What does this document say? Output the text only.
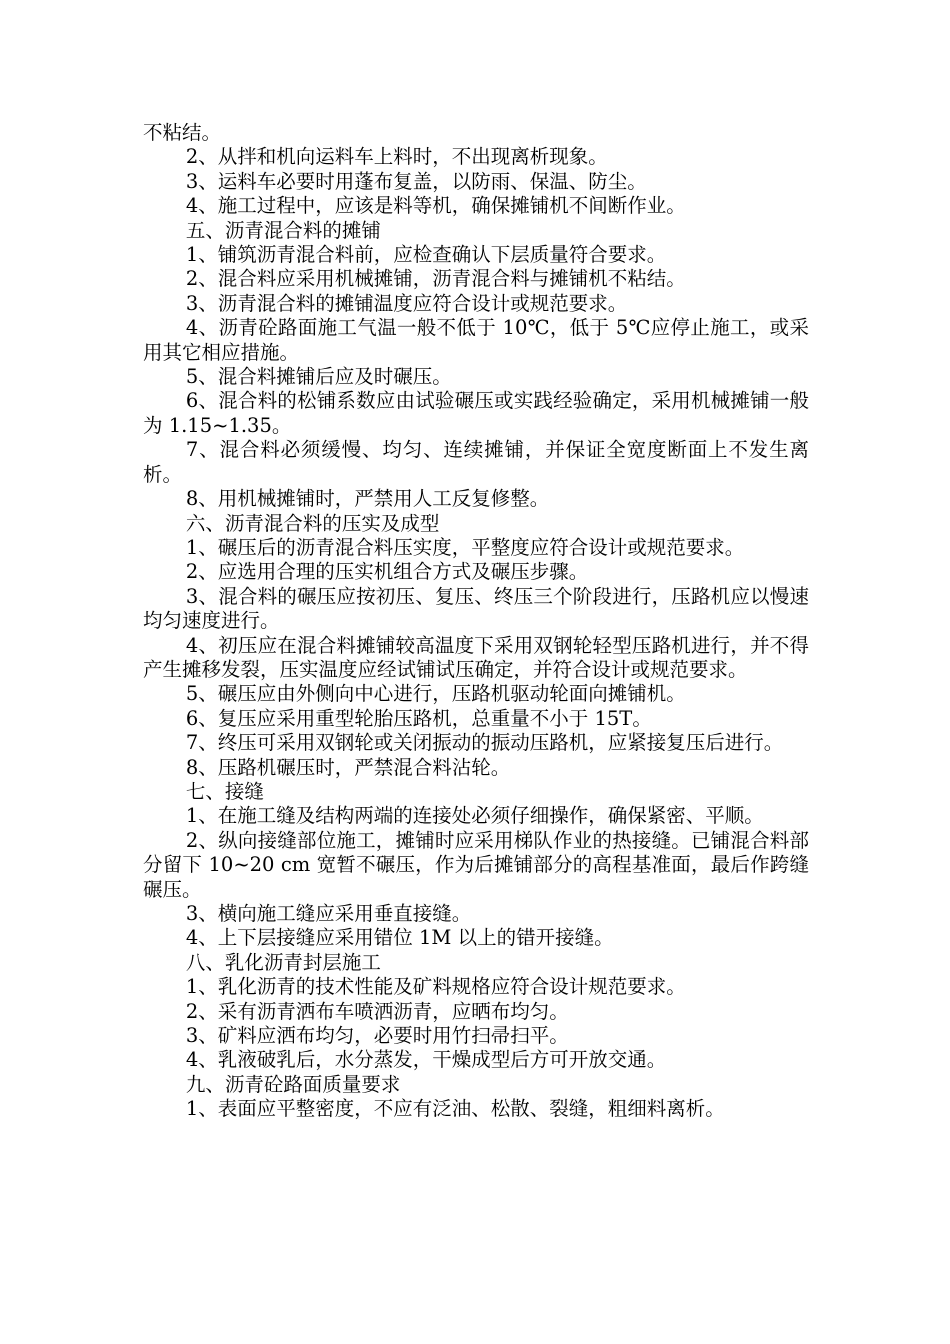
不粘结。

2、从拌和机向运料车上料时，不出现离析现象。

3、运料车必要时用蓬布复盖，以防雨、保温、防尘。

4、施工过程中，应该是料等机，确保摊铺机不间断作业。

五、沥青混合料的摊铺

1、铺筑沥青混合料前，应检查确认下层质量符合要求。

2、混合料应采用机械摊铺，沥青混合料与摊铺机不粘结。

3、沥青混合料的摊铺温度应符合设计或规范要求。

4、沥青砼路面施工气温一般不低于 10℃，低于 5℃应停止施工，或采用其它相应措施。

5、混合料摊铺后应及时碾压。

6、混合料的松铺系数应由试验碾压或实践经验确定，采用机械摊铺一般为 1.15~1.35。

7、混合料必须缓慢、均匀、连续摊铺，并保证全宽度断面上不发生离析。

8、用机械摊铺时，严禁用人工反复修整。

六、沥青混合料的压实及成型

1、碾压后的沥青混合料压实度，平整度应符合设计或规范要求。

2、应选用合理的压实机组合方式及碾压步骤。

3、混合料的碾压应按初压、复压、终压三个阶段进行，压路机应以慢速均匀速度进行。

4、初压应在混合料摊铺较高温度下采用双钢轮轻型压路机进行，并不得产生摊移发裂，压实温度应经试铺试压确定，并符合设计或规范要求。

5、碾压应由外侧向中心进行，压路机驱动轮面向摊铺机。

6、复压应采用重型轮胎压路机，总重量不小于 15T。

7、终压可采用双钢轮或关闭振动的振动压路机，应紧接复压后进行。

8、压路机碾压时，严禁混合料沾轮。

七、接缝

1、在施工缝及结构两端的连接处必须仔细操作，确保紧密、平顺。

2、纵向接缝部位施工，摊铺时应采用梯队作业的热接缝。已铺混合料部分留下 10~20 cm 宽暂不碾压，作为后摊铺部分的高程基准面，最后作跨缝碾压。

3、横向施工缝应采用垂直接缝。

4、上下层接缝应采用错位 1M 以上的错开接缝。

八、乳化沥青封层施工

1、乳化沥青的技术性能及矿料规格应符合设计规范要求。

2、采有沥青洒布车喷洒沥青，应晒布均匀。

3、矿料应洒布均匀，必要时用竹扫帚扫平。

4、乳液破乳后，水分蒸发，干燥成型后方可开放交通。

九、沥青砼路面质量要求

1、表面应平整密度，不应有泛油、松散、裂缝，粗细料离析。
